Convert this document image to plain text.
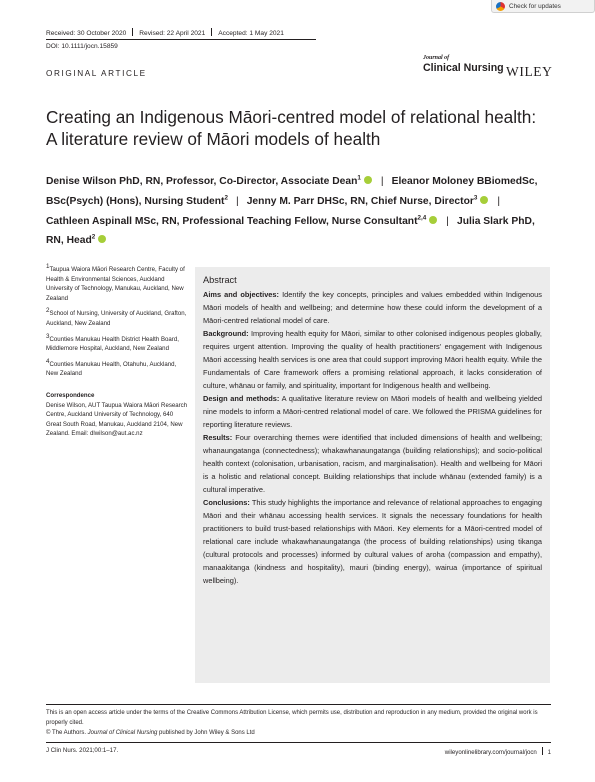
Check for updates
Received: 30 October 2020 Revised: 22 April 2021 Accepted: 1 May 2021
DOI: 10.1111/jocn.15859
ORIGINAL ARTICLE
Journal of
Clinical Nursing WILEY
Creating an Indigenous Māori-centred model of relational health: A literature review of Māori models of health
Denise Wilson PhD, RN, Professor, Co-Director, Associate Dean$^1$ | Eleanor Moloney BBiomedSc, BSc(Psych) (Hons), Nursing Student$^2$ | Jenny M. Parr DHSc, RN, Chief Nurse, Director$^3$ |Cathleen Aspinall MSc, RN, Professional Teaching Fellow, Nurse Consultant$^{2,4}$ | Julia Slark PhD, RN, Head$^2$

$^1$Taupua Waiora Māori Research Centre, Faculty of Health & Environmental Sciences, Auckland University of Technology, Manukau, Auckland, New Zealand

$^2$School of Nursing, University of Auckland, Grafton, Auckland, New Zealand

$^3$Counties Manukau Health District Health Board, Middlemore Hospital, Auckland, New Zealand

$^4$Counties Manukau Health, Otahuhu, Auckland, New Zealand

Correspondence

Denise Wilson, AUT Taupua Waiora Māori Research Centre, Auckland University of Technology, 640 Great South Road, Manukau, Auckland 2104, New Zealand. Email: dlwilson@aut.ac.nz

Abstract

Aims and objectives: Identify the key concepts, principles and values embedded within Indigenous Māori models of health and wellbeing; and determine how these could inform the development of a Māori-centred relational model of care.

Background: Improving health equity for Māori, similar to other colonised indigenous peoples globally, requires urgent attention. Improving the quality of health practitioners' engagement with Indigenous Māori accessing health services is one area that could support improving Māori health equity. While the Fundamentals of Care framework offers a promising relational approach, it lacks consideration of culture, whānau or family, and spirituality, important for Indigenous health and wellbeing.

Design and methods: A qualitative literature review on Māori models of health and wellbeing yielded nine models to inform a Māori-centred relational model of care. We followed the PRISMA guidelines for reporting literature reviews.

Results: Four overarching themes were identified that included dimensions of health and wellbeing; whanaungatanga (connectedness); whakawhanaungatanga (building relationships); and socio-political health context (colonisation, urbanisation, racism, and marginalisation). Health and wellbeing for Māori is a holistic and relational concept. Building relationships that include whānau (extended family) is a cultural imperative.

Conclusions: This study highlights the importance and relevance of relational approaches to engaging Māori and their whānau accessing health services. It signals the necessary foundations for health practitioners to build trust-based relationships with Māori. Key elements for a Māori-centred model of relational care include whakawhanaungatanga (the process of building relationships) using tikanga (cultural protocols and processes) informed by cultural values of aroha (compassion and empathy), manaakitanga (kindness and hospitality), mauri (binding energy), wairua (importance of spiritual wellbeing).

This is an open access article under the terms of the Creative Commons Attribution License, which permits use, distribution and reproduction in any medium, provided the original work is properly cited.
© The Authors. Journal of Clinical Nursing published by John Wiley & Sons Ltd
J Clin Nurs. 2021;00:1–17.	wileyonlinelibrary.com/journal/jocn 1
